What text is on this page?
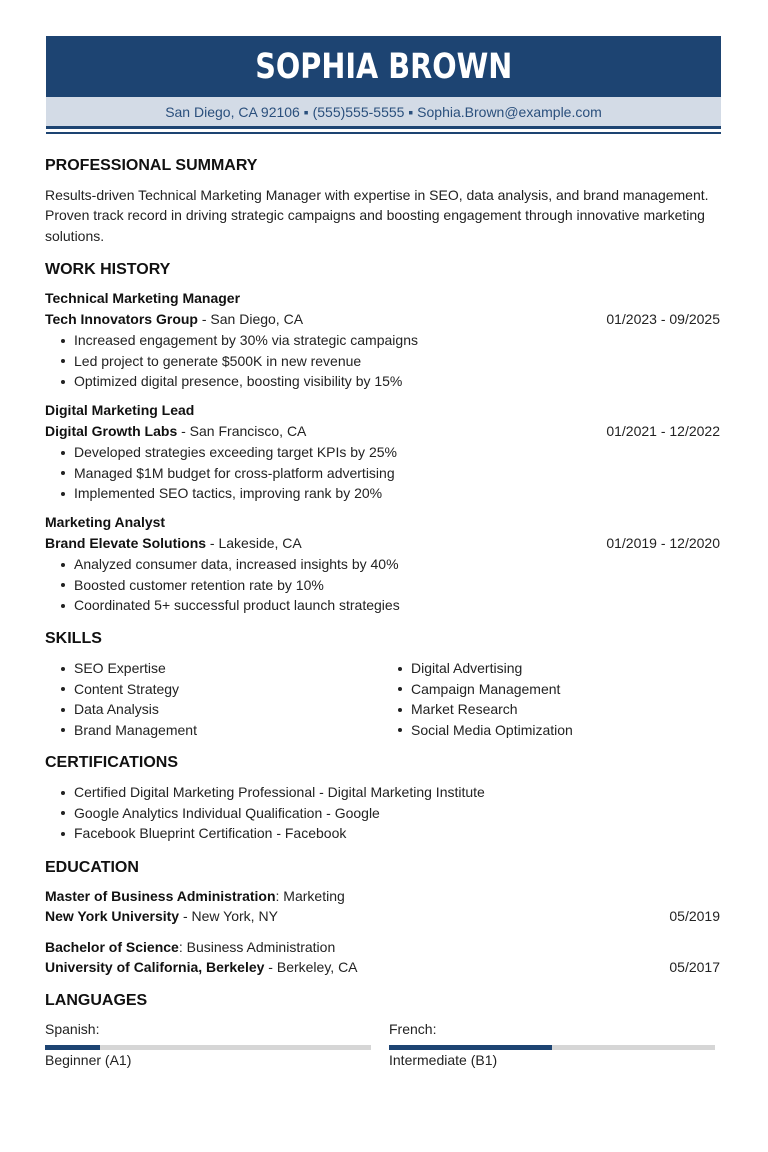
SOPHIA BROWN
San Diego, CA 92106 ▪ (555)555-5555 ▪ Sophia.Brown@example.com
PROFESSIONAL SUMMARY
Results-driven Technical Marketing Manager with expertise in SEO, data analysis, and brand management.
Proven track record in driving strategic campaigns and boosting engagement through innovative marketing
solutions.
WORK HISTORY
Technical Marketing Manager
Tech Innovators Group - San Diego, CA	01/2023 - 09/2025
Increased engagement by 30% via strategic campaigns
Led project to generate $500K in new revenue
Optimized digital presence, boosting visibility by 15%
Digital Marketing Lead
Digital Growth Labs - San Francisco, CA	01/2021 - 12/2022
Developed strategies exceeding target KPIs by 25%
Managed $1M budget for cross-platform advertising
Implemented SEO tactics, improving rank by 20%
Marketing Analyst
Brand Elevate Solutions - Lakeside, CA	01/2019 - 12/2020
Analyzed consumer data, increased insights by 40%
Boosted customer retention rate by 10%
Coordinated 5+ successful product launch strategies
SKILLS
SEO Expertise
Content Strategy
Data Analysis
Brand Management
Digital Advertising
Campaign Management
Market Research
Social Media Optimization
CERTIFICATIONS
Certified Digital Marketing Professional - Digital Marketing Institute
Google Analytics Individual Qualification - Google
Facebook Blueprint Certification - Facebook
EDUCATION
Master of Business Administration: Marketing
New York University - New York, NY	05/2019
Bachelor of Science: Business Administration
University of California, Berkeley - Berkeley, CA	05/2017
LANGUAGES
Spanish:
Beginner (A1)
French:
Intermediate (B1)
